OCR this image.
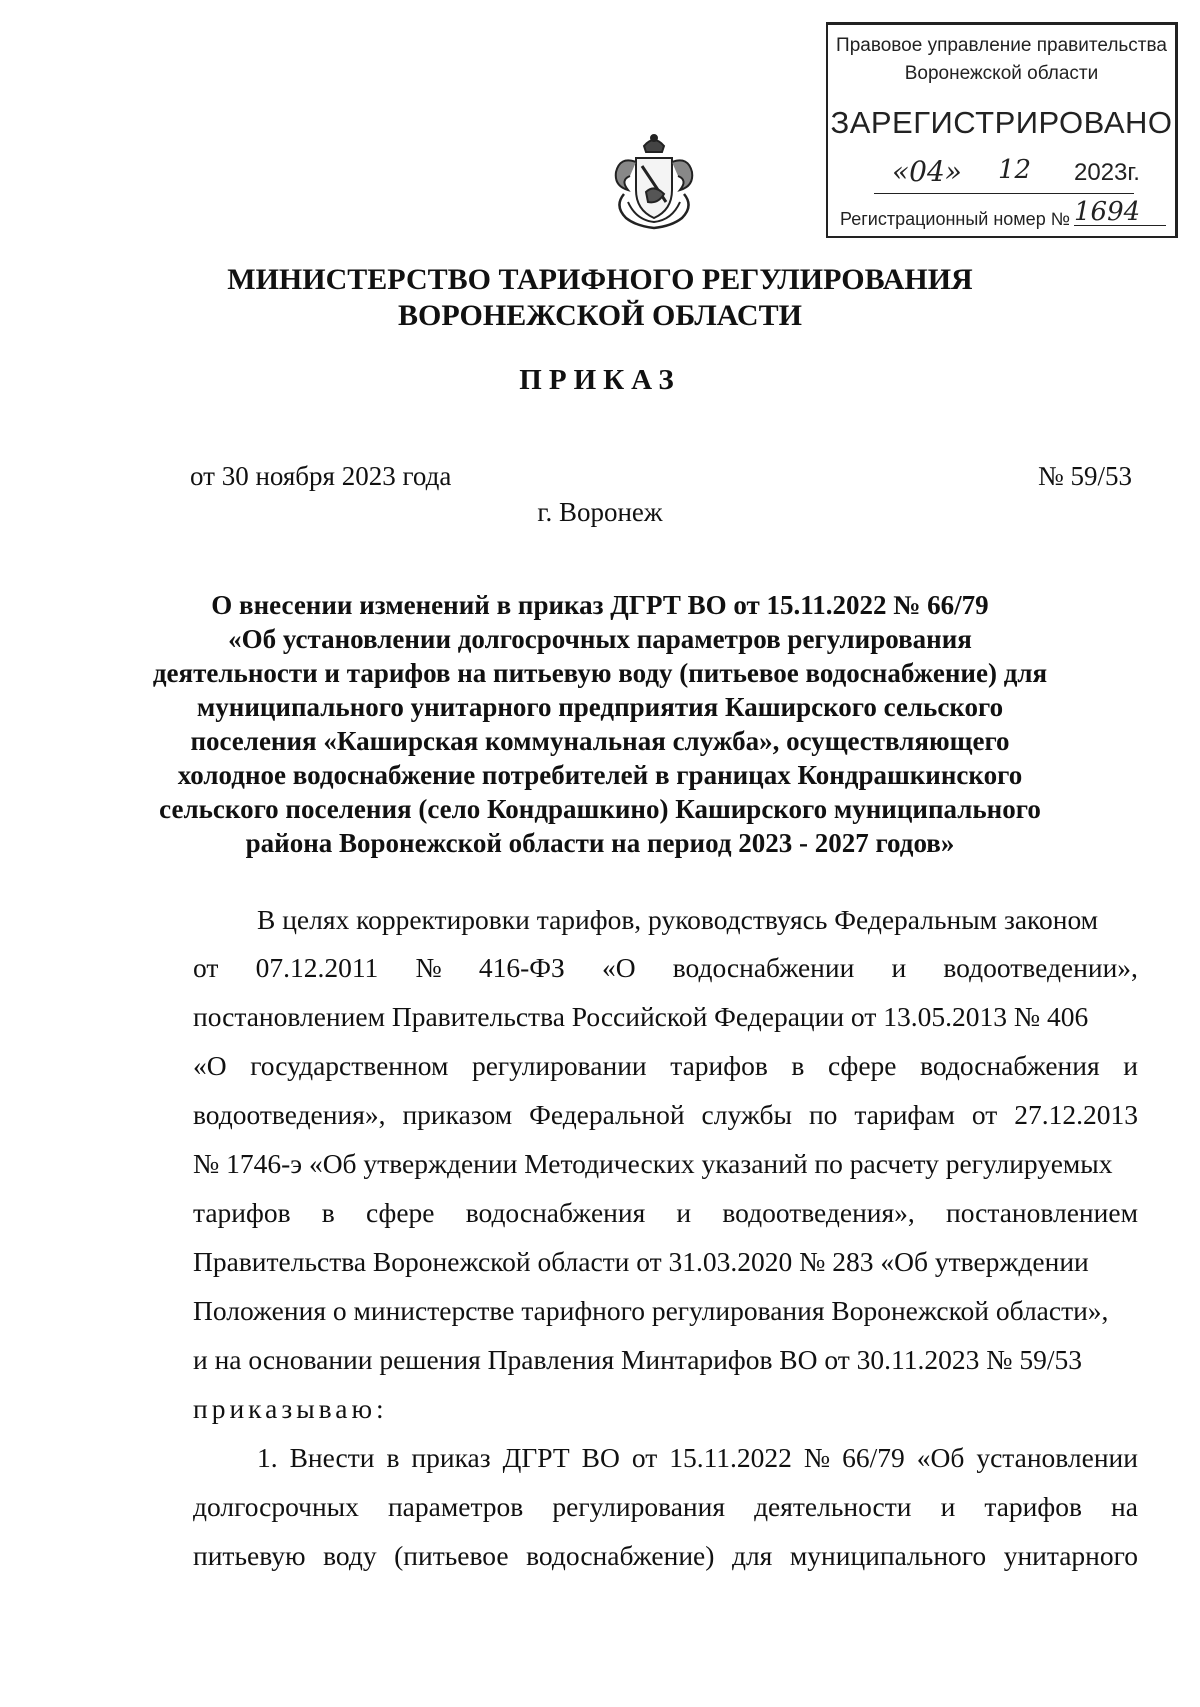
Правовое управление правительства
Воронежской области
ЗАРЕГИСТРИРОВАНО
«04» 12 2023г.
Регистрационный номер № 1694
МИНИСТЕРСТВО ТАРИФНОГО РЕГУЛИРОВАНИЯ
ВОРОНЕЖСКОЙ ОБЛАСТИ
ПРИКАЗ
от 30 ноября 2023 года	№ 59/53
г. Воронеж
О внесении изменений в приказ ДГРТ ВО от 15.11.2022 № 66/79
«Об установлении долгосрочных параметров регулирования
деятельности и тарифов на питьевую воду (питьевое водоснабжение) для
муниципального унитарного предприятия Каширского сельского
поселения «Каширская коммунальная служба», осуществляющего
холодное водоснабжение потребителей в границах Кондрашкинского
сельского поселения (село Кондрашкино) Каширского муниципального
района Воронежской области на период 2023 - 2027 годов»
В целях корректировки тарифов, руководствуясь Федеральным законом
от 07.12.2011 № 416-ФЗ «О водоснабжении и водоотведении»,
постановлением Правительства Российской Федерации от 13.05.2013 № 406
«О государственном регулировании тарифов в сфере водоснабжения и
водоотведения», приказом Федеральной службы по тарифам от 27.12.2013
№ 1746-э «Об утверждении Методических указаний по расчету регулируемых
тарифов в сфере водоснабжения и водоотведения», постановлением
Правительства Воронежской области от 31.03.2020 № 283 «Об утверждении
Положения о министерстве тарифного регулирования Воронежской области»,
и на основании решения Правления Минтарифов ВО от 30.11.2023 № 59/53
приказываю:
1. Внести в приказ ДГРТ ВО от 15.11.2022 № 66/79 «Об установлении
долгосрочных параметров регулирования деятельности и тарифов на
питьевую воду (питьевое водоснабжение) для муниципального унитарного
